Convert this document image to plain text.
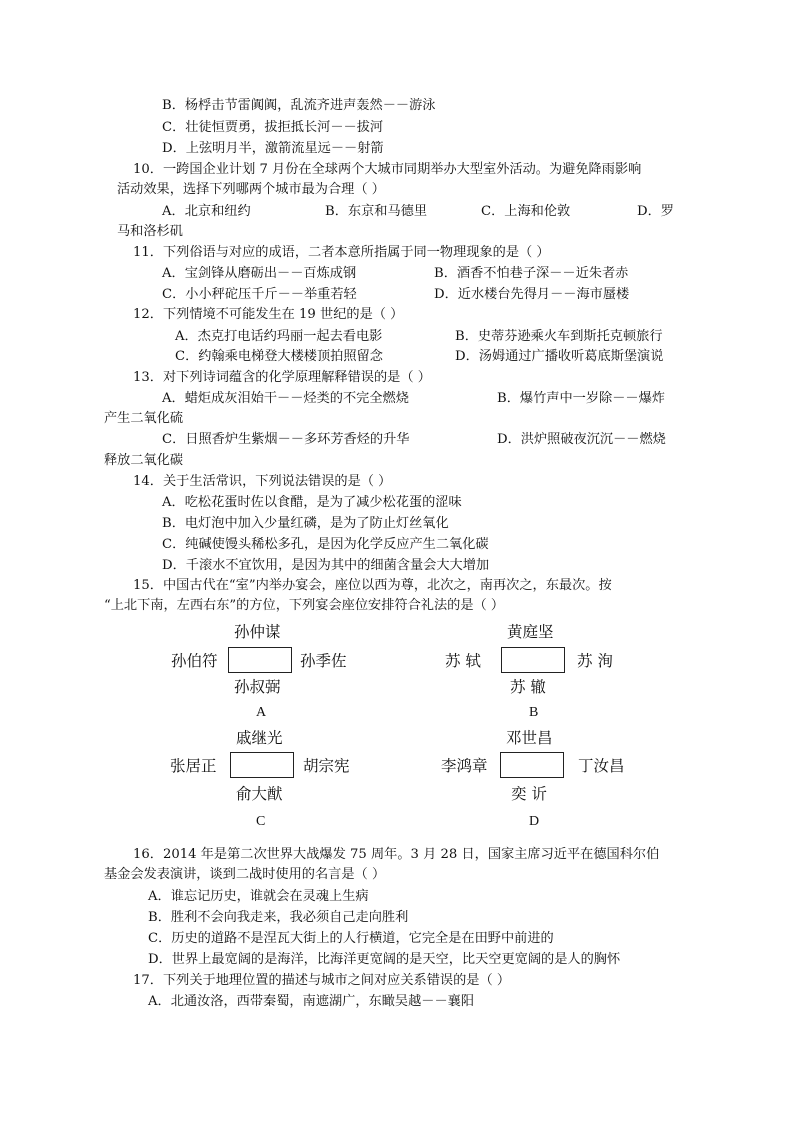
B．杨桴击节雷阗阗，乱流齐进声轰然－－游泳
C．壮徒恒贾勇，拔拒抵长河－－拔河
D．上弦明月半，激箭流星远－－射箭
10．一跨国企业计划 7 月份在全球两个大城市同期举办大型室外活动。为避免降雨影响
活动效果，选择下列哪两个城市最为合理（ ）
A．北京和纽约	B．东京和马德里	C．上海和伦敦	D．罗
马和洛杉矶
11．下列俗语与对应的成语，二者本意所指属于同一物理现象的是（ ）
A．宝剑锋从磨砺出－－百炼成钢	B．酒香不怕巷子深－－近朱者赤
C．小小秤砣压千斤－－举重若轻	D．近水楼台先得月－－海市蜃楼
12．下列情境不可能发生在 19 世纪的是（ ）
A．杰克打电话约玛丽一起去看电影	B．史蒂芬逊乘火车到斯托克顿旅行
C．约翰乘电梯登大楼楼顶拍照留念	D．汤姆通过广播收听葛底斯堡演说
13．对下列诗词蕴含的化学原理解释错误的是（ ）
A．蜡炬成灰泪始干－－烃类的不完全燃烧	B．爆竹声中一岁除－－爆炸
产生二氧化硫
C．日照香炉生紫烟－－多环芳香烃的升华	D．洪炉照破夜沉沉－－燃烧
释放二氧化碳
14．关于生活常识，下列说法错误的是（ ）
A．吃松花蛋时佐以食醋，是为了减少松花蛋的涩味
B．电灯泡中加入少量红磷，是为了防止灯丝氧化
C．纯碱使馒头稀松多孔，是因为化学反应产生二氧化碳
D．千滚水不宜饮用，是因为其中的细菌含量会大大增加
15．中国古代在“室”内举办宴会，座位以西为尊，北次之，南再次之，东最次。按
“上北下南，左西右东”的方位，下列宴会座位安排符合礼法的是（ ）
孙仲谋
孙伯符	孙季佐
孙叔弼
A
黄庭坚
苏 轼	苏 洵
苏 辙
B
戚继光
张居正	胡宗宪
俞大猷
C
邓世昌
李鸿章	丁汝昌
奕 䜣
D
16．2014 年是第二次世界大战爆发 75 周年。3 月 28 日，国家主席习近平在德国科尔伯
基金会发表演讲，谈到二战时使用的名言是（ ）
A．谁忘记历史，谁就会在灵魂上生病
B．胜利不会向我走来，我必须自己走向胜利
C．历史的道路不是涅瓦大街上的人行横道，它完全是在田野中前进的
D．世界上最宽阔的是海洋，比海洋更宽阔的是天空，比天空更宽阔的是人的胸怀
17．下列关于地理位置的描述与城市之间对应关系错误的是（ ）
A．北通汝洛，西带秦蜀，南遮湖广，东瞰吴越－－襄阳
